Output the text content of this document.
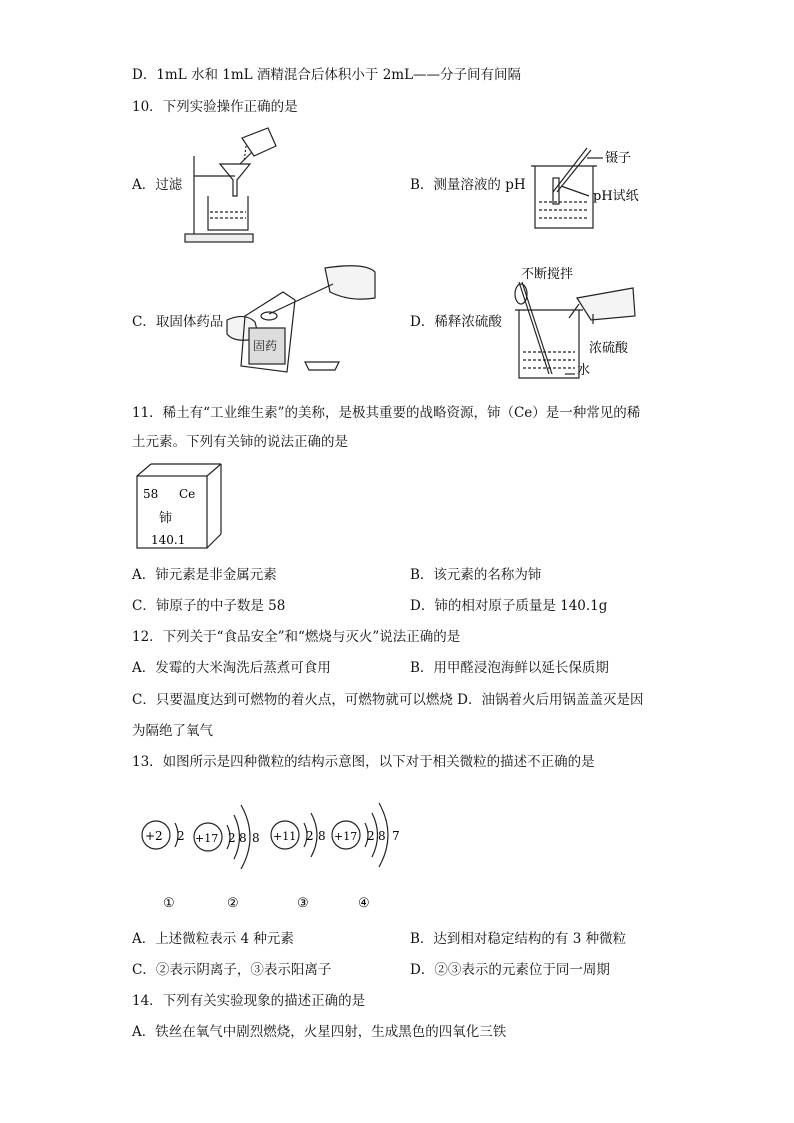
D．1mL 水和 1mL 酒精混合后体积小于 2mL——分子间有间隔
10．下列实验操作正确的是
A．过滤
镊子
pH试纸
B．测量溶液的 pH
固药
C．取固体药品
不断搅拌
浓硫酸
水
D．稀释浓硫酸
11．稀土有“工业维生素”的美称，是极其重要的战略资源，铈（Ce）是一种常见的稀
土元素。下列有关铈的说法正确的是
58 Ce
铈
140.1
A．铈元素是非金属元素	B．该元素的名称为铈
C．铈原子的中子数是 58	D．铈的相对原子质量是 140.1g
12．下列关于“食品安全”和“燃烧与灭火”说法正确的是
A．发霉的大米淘洗后蒸煮可食用	B．用甲醛浸泡海鲜以延长保质期
C．只要温度达到可燃物的着火点，可燃物就可以燃烧 D．油锅着火后用锅盖盖灭是因
为隔绝了氧气
13．如图所示是四种微粒的结构示意图，以下对于相关微粒的描述不正确的是
+2 2 +17 2 8 8 +11 2 8 +17 2 8 7
①	②	③	④
A．上述微粒表示 4 种元素	B．达到相对稳定结构的有 3 种微粒
C．②表示阴离子，③表示阳离子	D．②③表示的元素位于同一周期
14．下列有关实验现象的描述正确的是
A．铁丝在氧气中剧烈燃烧，火星四射，生成黑色的四氧化三铁
